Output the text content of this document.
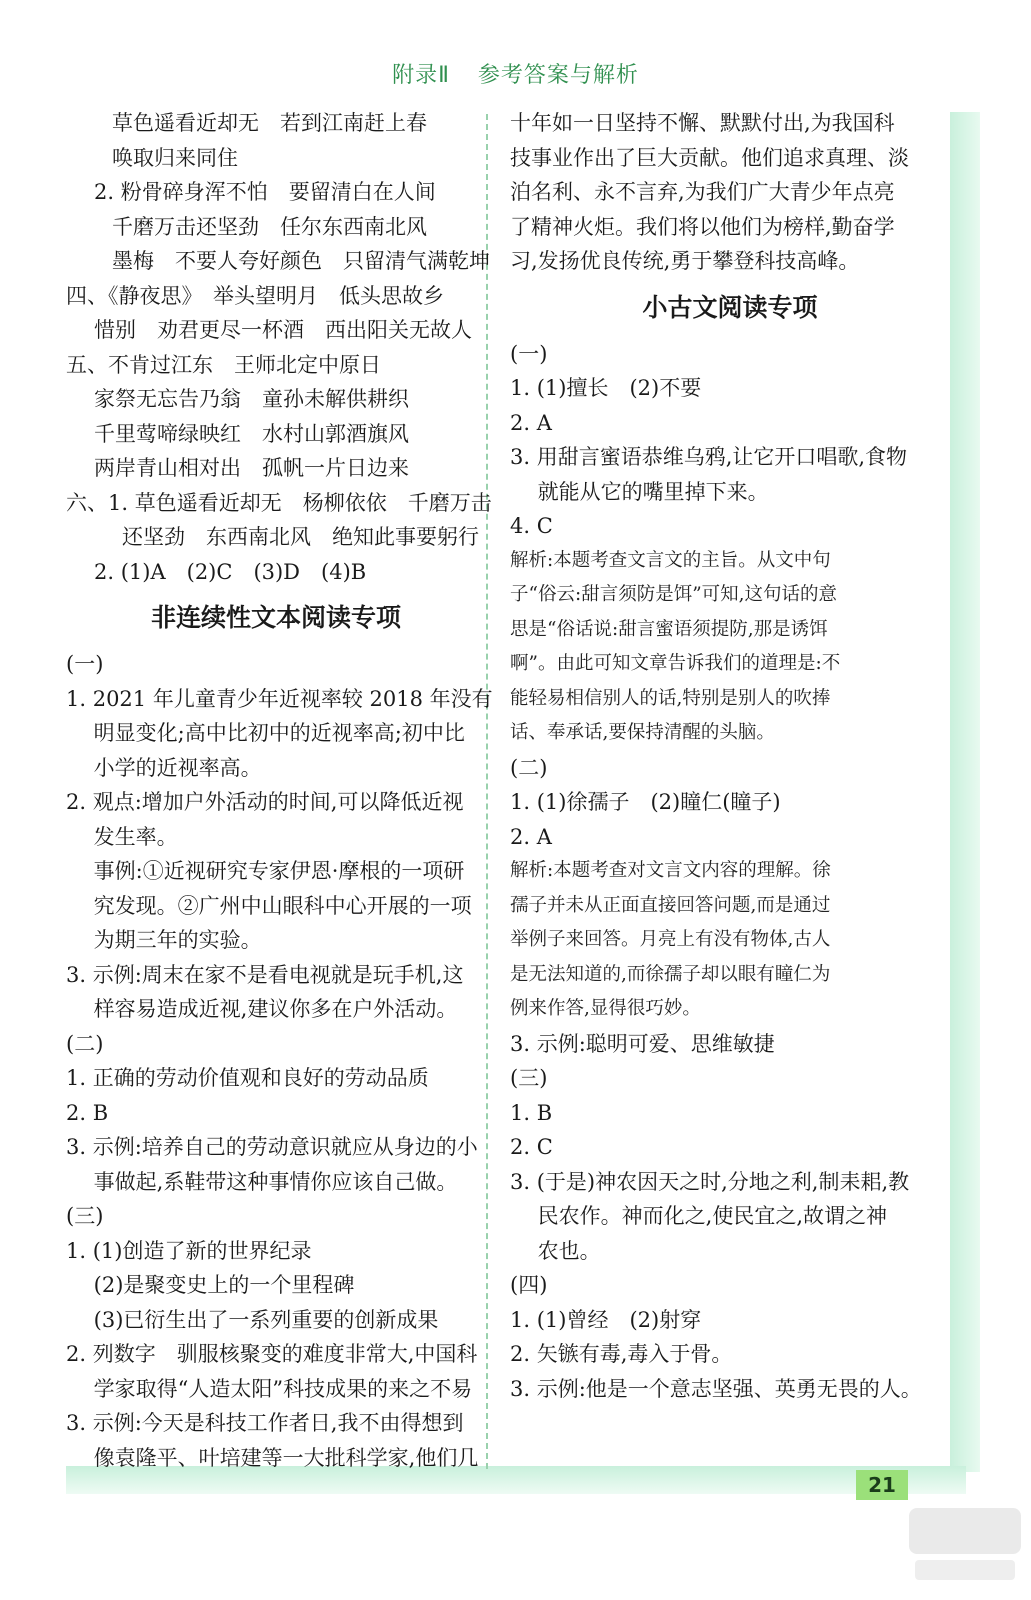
附录Ⅱ 参考答案与解析
草色遥看近却无　若到江南赶上春
唤取归来同住
2. 粉骨碎身浑不怕　要留清白在人间
千磨万击还坚劲　任尔东西南北风
墨梅　不要人夸好颜色　只留清气满乾坤
四、《静夜思》　举头望明月　低头思故乡
惜别　劝君更尽一杯酒　西出阳关无故人
五、不肯过江东　王师北定中原日
家祭无忘告乃翁　童孙未解供耕织
千里莺啼绿映红　水村山郭酒旗风
两岸青山相对出　孤帆一片日边来
六、1. 草色遥看近却无　杨柳依依　千磨万击
还坚劲　东西南北风　绝知此事要躬行
2. (1)A　(2)C　(3)D　(4)B
非连续性文本阅读专项
(一)
1. 2021 年儿童青少年近视率较 2018 年没有
　 明显变化;高中比初中的近视率高;初中比
　 小学的近视率高。
2. 观点:增加户外活动的时间,可以降低近视
　 发生率。
　 事例:①近视研究专家伊恩·摩根的一项研
　 究发现。②广州中山眼科中心开展的一项
　 为期三年的实验。
3. 示例:周末在家不是看电视就是玩手机,这
　 样容易造成近视,建议你多在户外活动。
(二)
1. 正确的劳动价值观和良好的劳动品质
2. B
3. 示例:培养自己的劳动意识就应从身边的小
　 事做起,系鞋带这种事情你应该自己做。
(三)
1. (1)创造了新的世界纪录
　 (2)是聚变史上的一个里程碑
　 (3)已衍生出了一系列重要的创新成果
2. 列数字　驯服核聚变的难度非常大,中国科
　 学家取得“人造太阳”科技成果的来之不易
3. 示例:今天是科技工作者日,我不由得想到
　 像袁隆平、叶培建等一大批科学家,他们几
十年如一日坚持不懈、默默付出,为我国科
技事业作出了巨大贡献。他们追求真理、淡
泊名利、永不言弃,为我们广大青少年点亮
了精神火炬。我们将以他们为榜样,勤奋学
习,发扬优良传统,勇于攀登科技高峰。
小古文阅读专项
(一)
1. (1)擅长　(2)不要
2. A
3. 用甜言蜜语恭维乌鸦,让它开口唱歌,食物
　 就能从它的嘴里掉下来。
4. C
解析:本题考查文言文的主旨。从文中句
子“俗云:甜言须防是饵”可知,这句话的意
思是“俗话说:甜言蜜语须提防,那是诱饵
啊”。由此可知文章告诉我们的道理是:不
能轻易相信别人的话,特别是别人的吹捧
话、奉承话,要保持清醒的头脑。
(二)
1. (1)徐孺子　(2)瞳仁(瞳子)
2. A
解析:本题考查对文言文内容的理解。徐
孺子并未从正面直接回答问题,而是通过
举例子来回答。月亮上有没有物体,古人
是无法知道的,而徐孺子却以眼有瞳仁为
例来作答,显得很巧妙。
3. 示例:聪明可爱、思维敏捷
(三)
1. B
2. C
3. (于是)神农因天之时,分地之利,制耒耜,教
　 民农作。神而化之,使民宜之,故谓之神
　 农也。
(四)
1. (1)曾经　(2)射穿
2. 矢镞有毒,毒入于骨。
3. 示例:他是一个意志坚强、英勇无畏的人。
21
